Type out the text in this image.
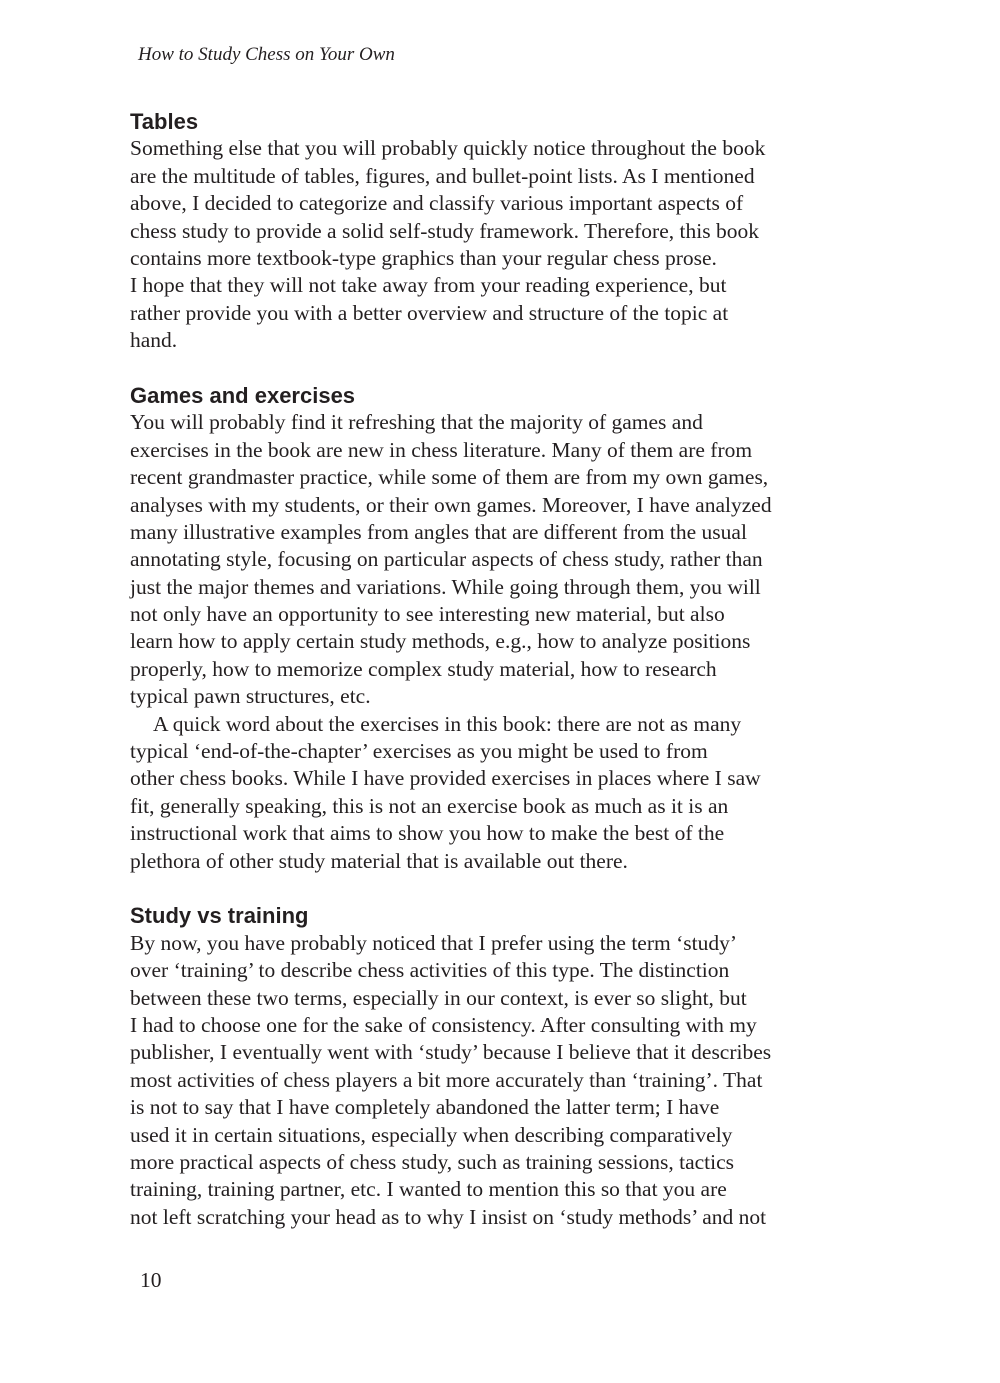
How to Study Chess on Your Own
Tables
Something else that you will probably quickly notice throughout the book
are the multitude of tables, figures, and bullet-point lists. As I mentioned
above, I decided to categorize and classify various important aspects of
chess study to provide a solid self-study framework. Therefore, this book
contains more textbook-type graphics than your regular chess prose.
I hope that they will not take away from your reading experience, but
rather provide you with a better overview and structure of the topic at
hand.
Games and exercises
You will probably find it refreshing that the majority of games and
exercises in the book are new in chess literature. Many of them are from
recent grandmaster practice, while some of them are from my own games,
analyses with my students, or their own games. Moreover, I have analyzed
many illustrative examples from angles that are different from the usual
annotating style, focusing on particular aspects of chess study, rather than
just the major themes and variations. While going through them, you will
not only have an opportunity to see interesting new material, but also
learn how to apply certain study methods, e.g., how to analyze positions
properly, how to memorize complex study material, how to research
typical pawn structures, etc.
A quick word about the exercises in this book: there are not as many
typical ‘end-of-the-chapter’ exercises as you might be used to from
other chess books. While I have provided exercises in places where I saw
fit, generally speaking, this is not an exercise book as much as it is an
instructional work that aims to show you how to make the best of the
plethora of other study material that is available out there.
Study vs training
By now, you have probably noticed that I prefer using the term ‘study’
over ‘training’ to describe chess activities of this type. The distinction
between these two terms, especially in our context, is ever so slight, but
I had to choose one for the sake of consistency. After consulting with my
publisher, I eventually went with ‘study’ because I believe that it describes
most activities of chess players a bit more accurately than ‘training’. That
is not to say that I have completely abandoned the latter term; I have
used it in certain situations, especially when describing comparatively
more practical aspects of chess study, such as training sessions, tactics
training, training partner, etc. I wanted to mention this so that you are
not left scratching your head as to why I insist on ‘study methods’ and not
10
